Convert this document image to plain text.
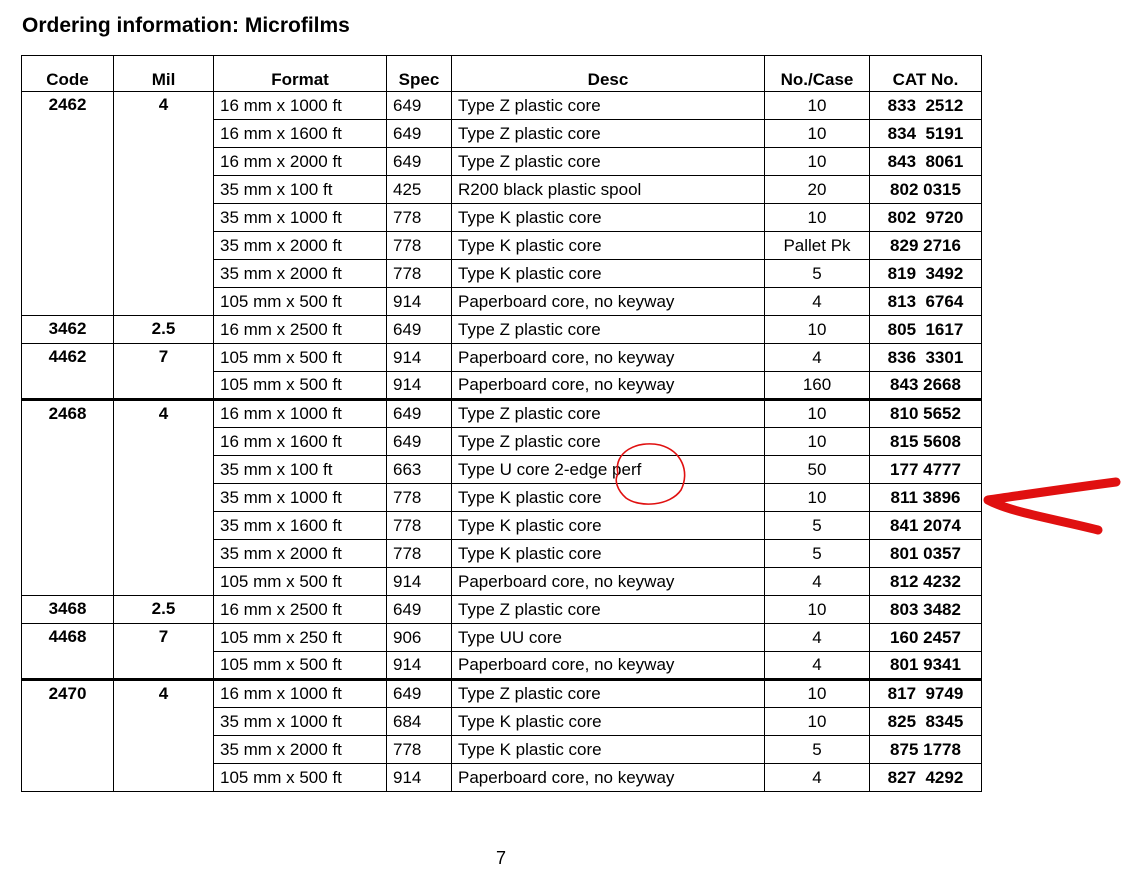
Ordering information: Microfilms
Code	Mil	Format	Spec	Desc	No./Case	CAT No.
2462	4	16 mm x 1000 ft	649	Type Z plastic core	10	833  2512
		16 mm x 1600 ft	649	Type Z plastic core	10	834  5191
		16 mm x 2000 ft	649	Type Z plastic core	10	843  8061
		35 mm x 100 ft	425	R200 black plastic spool	20	802 0315
		35 mm x 1000 ft	778	Type K plastic core	10	802  9720
		35 mm x 2000 ft	778	Type K plastic core	Pallet Pk	829 2716
		35 mm x 2000 ft	778	Type K plastic core	5	819  3492
		105 mm x 500 ft	914	Paperboard core, no keyway	4	813  6764
3462	2.5	16 mm x 2500 ft	649	Type Z plastic core	10	805  1617
4462	7	105 mm x 500 ft	914	Paperboard core, no keyway	4	836  3301
		105 mm x 500 ft	914	Paperboard core, no keyway	160	843 2668
2468	4	16 mm x 1000 ft	649	Type Z plastic core	10	810 5652
		16 mm x 1600 ft	649	Type Z plastic core	10	815 5608
		35 mm x 100 ft	663	Type U core 2-edge perf	50	177 4777
		35 mm x 1000 ft	778	Type K plastic core	10	811 3896
		35 mm x 1600 ft	778	Type K plastic core	5	841 2074
		35 mm x 2000 ft	778	Type K plastic core	5	801 0357
		105 mm x 500 ft	914	Paperboard core, no keyway	4	812 4232
3468	2.5	16 mm x 2500 ft	649	Type Z plastic core	10	803 3482
4468	7	105 mm x 250 ft	906	Type UU core	4	160 2457
		105 mm x 500 ft	914	Paperboard core, no keyway	4	801 9341
2470	4	16 mm x 1000 ft	649	Type Z plastic core	10	817  9749
		35 mm x 1000 ft	684	Type K plastic core	10	825  8345
		35 mm x 2000 ft	778	Type K plastic core	5	875 1778
		105 mm x 500 ft	914	Paperboard core, no keyway	4	827  4292
7
